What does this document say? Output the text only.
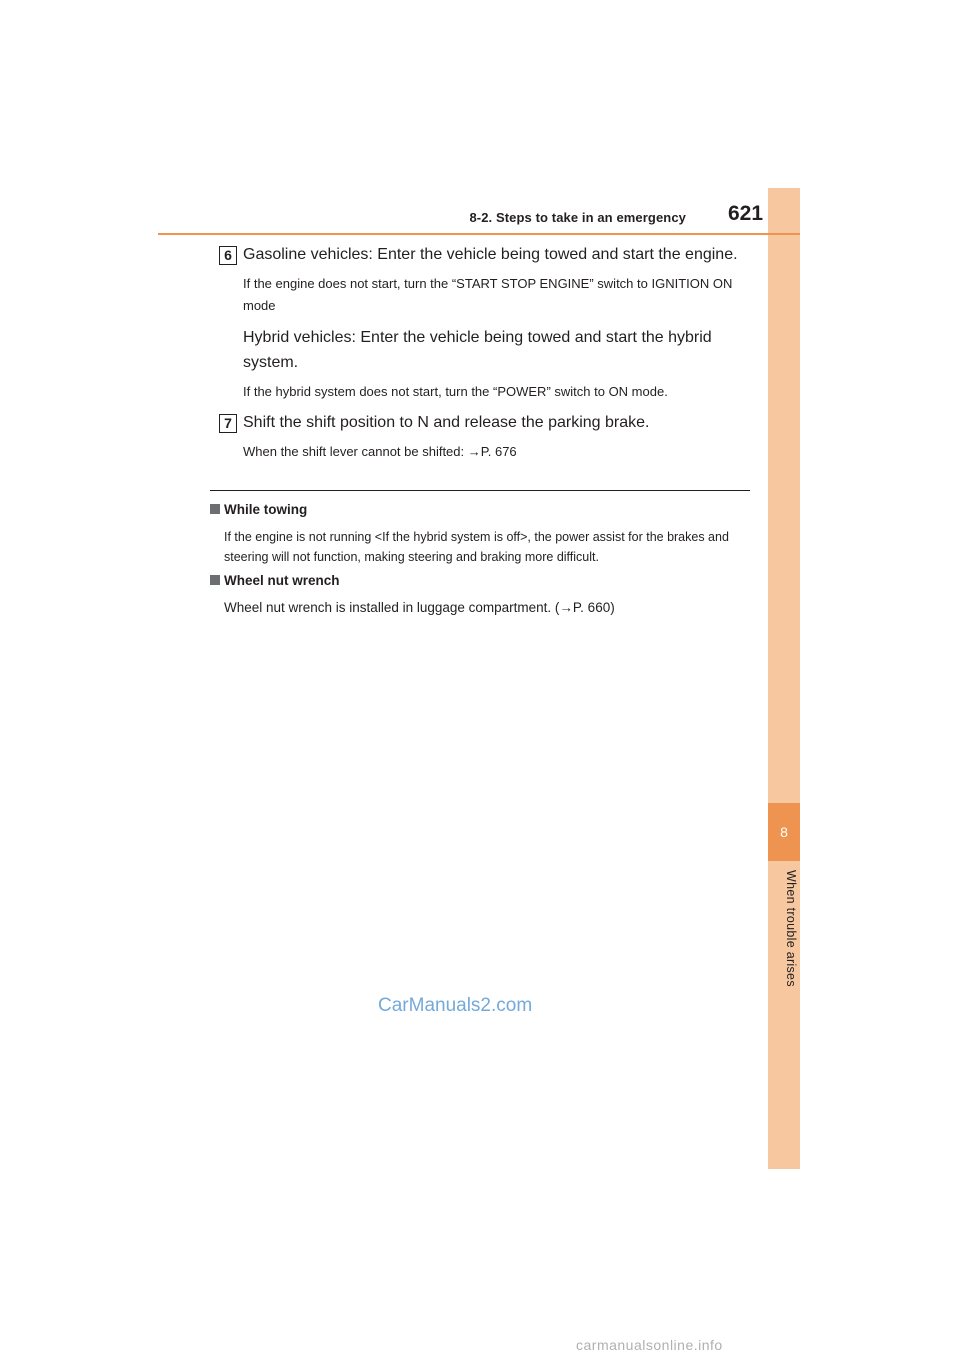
8
When trouble arises
8-2. Steps to take in an emergency 621
6 Gasoline vehicles: Enter the vehicle being towed and start the engine.
If the engine does not start, turn the “START STOP ENGINE” switch to IGNITION ON mode
Hybrid vehicles: Enter the vehicle being towed and start the hybrid system.
If the hybrid system does not start, turn the “POWER” switch to ON mode.
7 Shift the shift position to N and release the parking brake.
When the shift lever cannot be shifted: →P. 676
While towing
If the engine is not running <If the hybrid system is off>, the power assist for the brakes and steering will not function, making steering and braking more difficult.
Wheel nut wrench
Wheel nut wrench is installed in luggage compartment. (→P. 660)
CarManuals2.com
carmanualsonline.info
